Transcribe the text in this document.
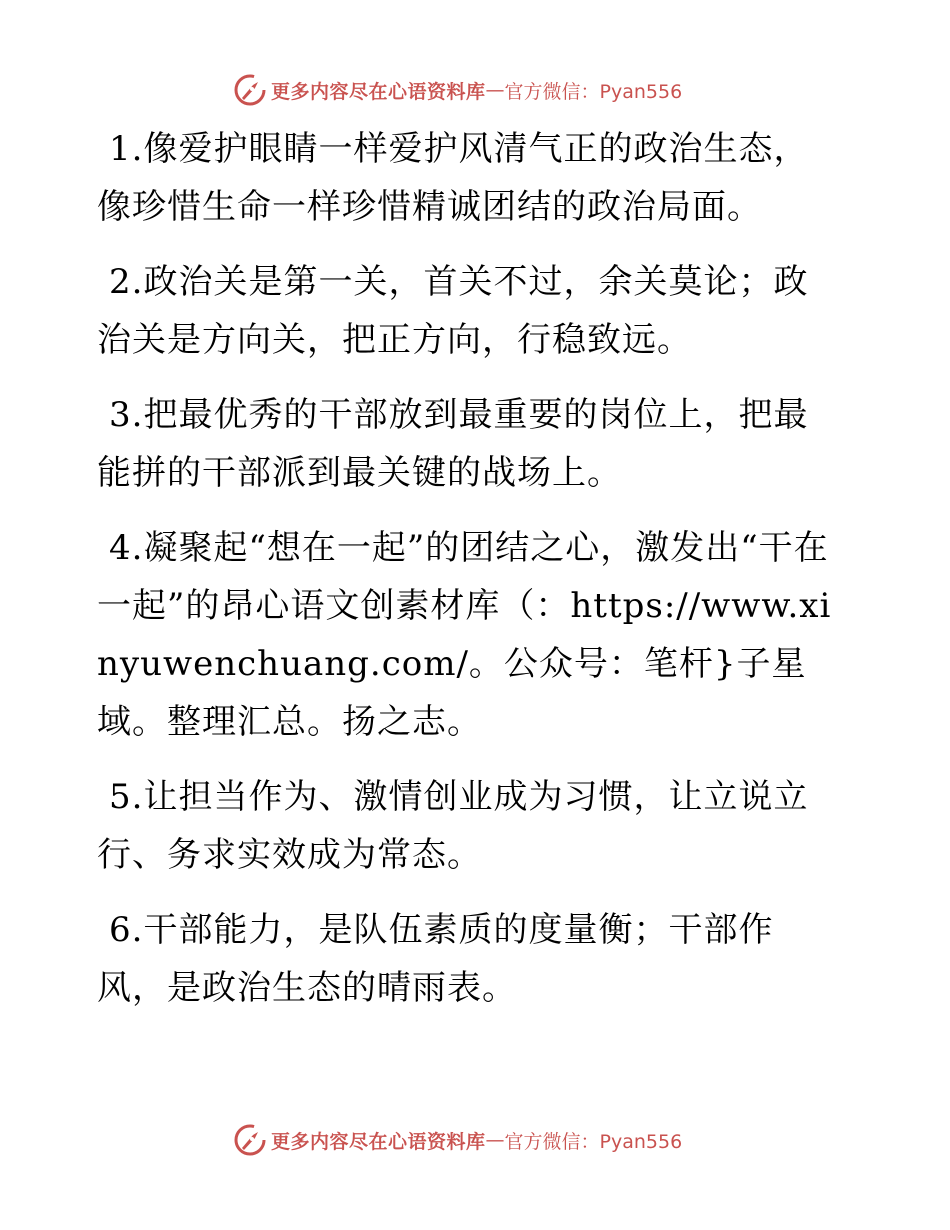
更多内容尽在心语资料库 — 官方微信：Pyan556

1.像爱护眼睛一样爱护风清气正的政治生态，像珍惜生命一样珍惜精诚团结的政治局面。

2.政治关是第一关，首关不过，余关莫论；政治关是方向关，把正方向，行稳致远。

3.把最优秀的干部放到最重要的岗位上，把最能拼的干部派到最关键的战场上。

4.凝聚起“想在一起”的团结之心，激发出“干在一起”的昂心语文创素材库（：https://www.xinyuwenchuang.com/。公众号：笔杆}子星域。整理汇总。扬之志。

5.让担当作为、激情创业成为习惯，让立说立行、务求实效成为常态。

6.干部能力，是队伍素质的度量衡；干部作风，是政治生态的晴雨表。

更多内容尽在心语资料库 — 官方微信：Pyan556
